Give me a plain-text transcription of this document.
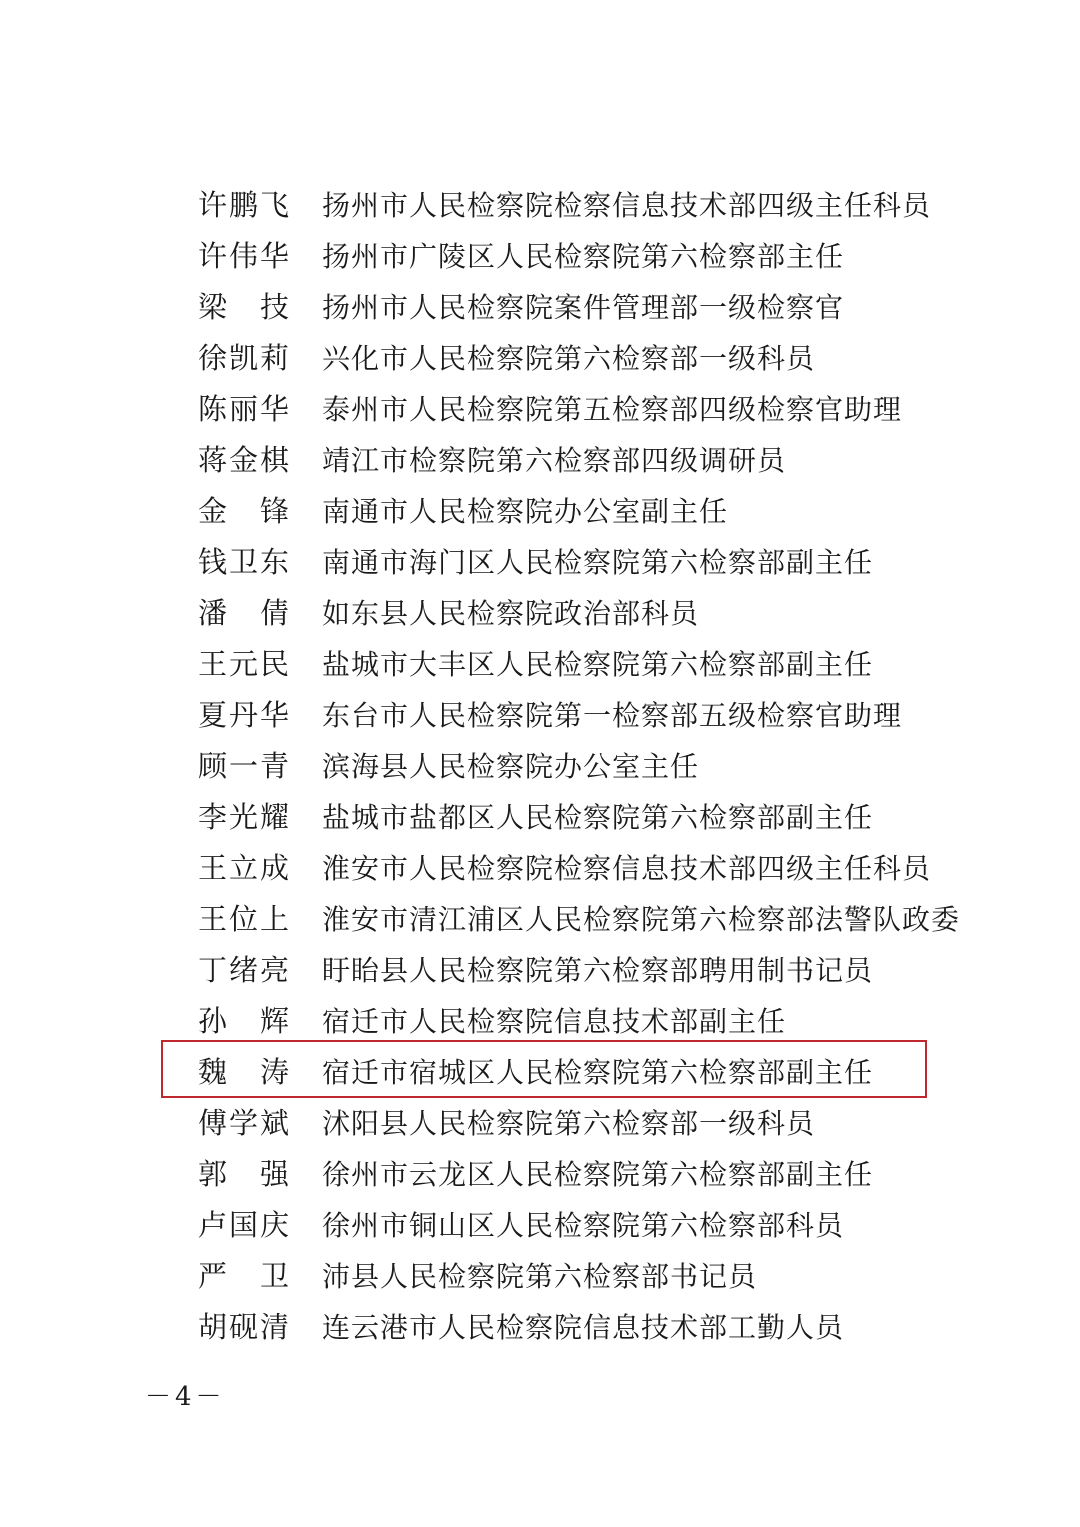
许鹏飞 扬州市人民检察院检察信息技术部四级主任科员
许伟华 扬州市广陵区人民检察院第六检察部主任
梁　技 扬州市人民检察院案件管理部一级检察官
徐凯莉 兴化市人民检察院第六检察部一级科员
陈丽华 泰州市人民检察院第五检察部四级检察官助理
蒋金棋 靖江市检察院第六检察部四级调研员
金　锋 南通市人民检察院办公室副主任
钱卫东 南通市海门区人民检察院第六检察部副主任
潘　倩 如东县人民检察院政治部科员
王元民 盐城市大丰区人民检察院第六检察部副主任
夏丹华 东台市人民检察院第一检察部五级检察官助理
顾一青 滨海县人民检察院办公室主任
李光耀 盐城市盐都区人民检察院第六检察部副主任
王立成 淮安市人民检察院检察信息技术部四级主任科员
王位上 淮安市清江浦区人民检察院第六检察部法警队政委
丁绪亮 盱眙县人民检察院第六检察部聘用制书记员
孙　辉 宿迁市人民检察院信息技术部副主任
魏　涛 宿迁市宿城区人民检察院第六检察部副主任
傅学斌 沭阳县人民检察院第六检察部一级科员
郭　强 徐州市云龙区人民检察院第六检察部副主任
卢国庆 徐州市铜山区人民检察院第六检察部科员
严　卫 沛县人民检察院第六检察部书记员
胡砚清 连云港市人民检察院信息技术部工勤人员
－4－
